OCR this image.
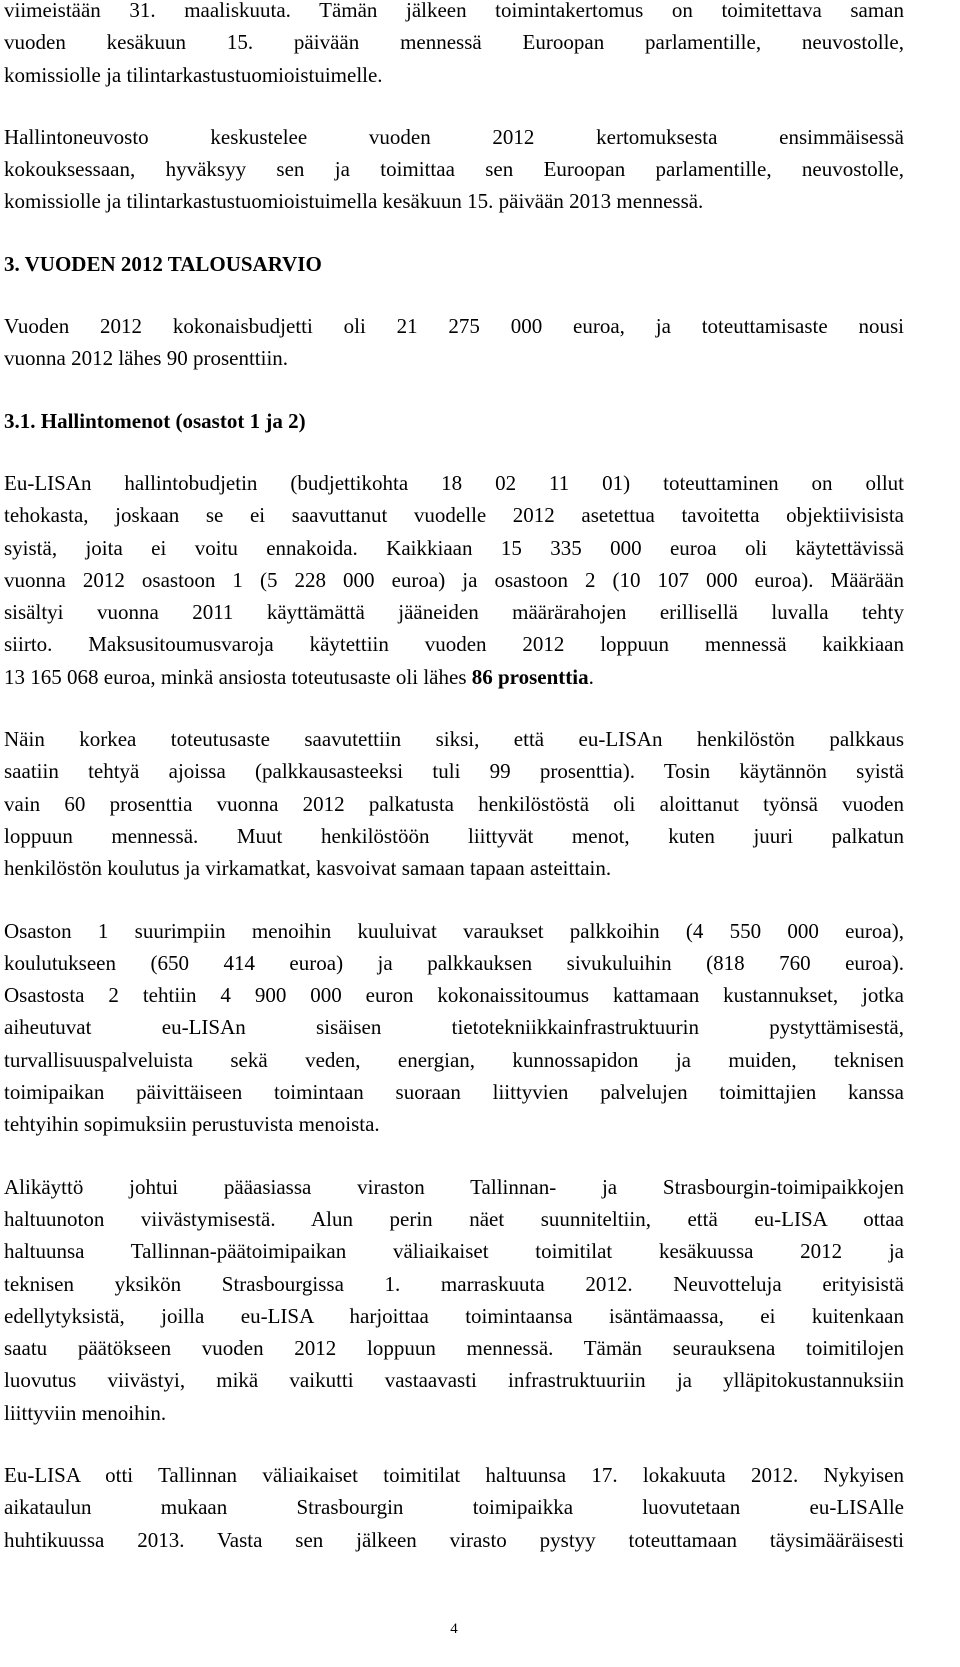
viimeistään 31. maaliskuuta. Tämän jälkeen toimintakertomus on toimitettava saman
vuoden kesäkuun 15. päivään mennessä Euroopan parlamentille, neuvostolle,
komissiolle ja tilintarkastustuomioistuimelle.

Hallintoneuvosto keskustelee vuoden 2012 kertomuksesta ensimmäisessä
kokouksessaan, hyväksyy sen ja toimittaa sen Euroopan parlamentille, neuvostolle,
komissiolle ja tilintarkastustuomioistuimella kesäkuun 15. päivään 2013 mennessä.

3. VUODEN 2012 TALOUSARVIO

Vuoden 2012 kokonaisbudjetti oli 21 275 000 euroa, ja toteuttamisaste nousi
vuonna 2012 lähes 90 prosenttiin.

3.1. Hallintomenot (osastot 1 ja 2)

Eu-LISAn hallintobudjetin (budjettikohta 18 02 11 01) toteuttaminen on ollut
tehokasta, joskaan se ei saavuttanut vuodelle 2012 asetettua tavoitetta objektiivisista
syistä, joita ei voitu ennakoida. Kaikkiaan 15 335 000 euroa oli käytettävissä
vuonna 2012 osastoon 1 (5 228 000 euroa) ja osastoon 2 (10 107 000 euroa). Määrään
sisältyi vuonna 2011 käyttämättä jääneiden määrärahojen erillisellä luvalla tehty
siirto. Maksusitoumusvaroja käytettiin vuoden 2012 loppuun mennessä kaikkiaan
13 165 068 euroa, minkä ansiosta toteutusaste oli lähes 86 prosenttia.

Näin korkea toteutusaste saavutettiin siksi, että eu-LISAn henkilöstön palkkaus
saatiin tehtyä ajoissa (palkkausasteeksi tuli 99 prosenttia). Tosin käytännön syistä
vain 60 prosenttia vuonna 2012 palkatusta henkilöstöstä oli aloittanut työnsä vuoden
loppuun mennessä. Muut henkilöstöön liittyvät menot, kuten juuri palkatun
henkilöstön koulutus ja virkamatkat, kasvoivat samaan tapaan asteittain.

Osaston 1 suurimpiin menoihin kuuluivat varaukset palkkoihin (4 550 000 euroa),
koulutukseen (650 414 euroa) ja palkkauksen sivukuluihin (818 760 euroa).
Osastosta 2 tehtiin 4 900 000 euron kokonaissitoumus kattamaan kustannukset, jotka
aiheutuvat eu-LISAn sisäisen tietotekniikkainfrastruktuurin pystyttämisestä,
turvallisuuspalveluista sekä veden, energian, kunnossapidon ja muiden, teknisen
toimipaikan päivittäiseen toimintaan suoraan liittyvien palvelujen toimittajien kanssa
tehtyihin sopimuksiin perustuvista menoista.

Alikäyttö johtui pääasiassa viraston Tallinnan- ja Strasbourgin-toimipaikkojen
haltuunoton viivästymisestä. Alun perin näet suunniteltiin, että eu-LISA ottaa
haltuunsa Tallinnan-päätoimipaikan väliaikaiset toimitilat kesäkuussa 2012 ja
teknisen yksikön Strasbourgissa 1. marraskuuta 2012. Neuvotteluja erityisistä
edellytyksistä, joilla eu-LISA harjoittaa toimintaansa isäntämaassa, ei kuitenkaan
saatu päätökseen vuoden 2012 loppuun mennessä. Tämän seurauksena toimitilojen
luovutus viivästyi, mikä vaikutti vastaavasti infrastruktuuriin ja ylläpitokustannuksiin
liittyviin menoihin.

Eu-LISA otti Tallinnan väliaikaiset toimitilat haltuunsa 17. lokakuuta 2012. Nykyisen
aikataulun mukaan Strasbourgin toimipaikka luovutetaan eu-LISAlle
huhtikuussa 2013. Vasta sen jälkeen virasto pystyy toteuttamaan täysimääräisesti

4
